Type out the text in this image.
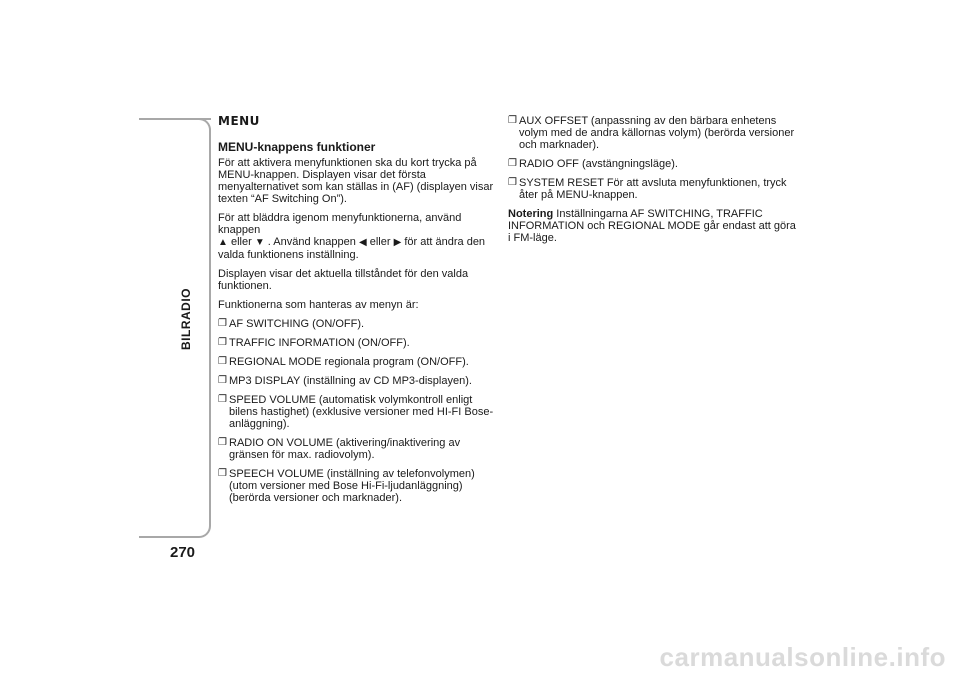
BILRADIO
270
MENU
MENU-knappens funktioner

För att aktivera menyfunktionen ska du kort trycka på MENU-knappen. Displayen visar det första menyalternativet som kan ställas in (AF) (displayen visar texten “AF Switching On”).

För att bläddra igenom menyfunktionerna, använd knappen
▲ eller ▼ . Använd knappen ◀ eller ▶ för att ändra den valda funktionens inställning.

Displayen visar det aktuella tillståndet för den valda funktionen.

Funktionerna som hanteras av menyn är:

❐ AF SWITCHING (ON/OFF).
❐ TRAFFIC INFORMATION (ON/OFF).
❐ REGIONAL MODE regionala program (ON/OFF).
❐ MP3 DISPLAY (inställning av CD MP3-displayen).
❐ SPEED VOLUME (automatisk volymkontroll enligt bilens hastighet) (exklusive versioner med HI-FI Bose-anläggning).
❐ RADIO ON VOLUME (aktivering/inaktivering av gränsen för max. radiovolym).
❐ SPEECH VOLUME (inställning av telefonvolymen) (utom versioner med Bose Hi-Fi-ljudanläggning) (berörda versioner och marknader).
❐ AUX OFFSET (anpassning av den bärbara enhetens volym med de andra källornas volym) (berörda versioner och marknader).
❐ RADIO OFF (avstängningsläge).
❐ SYSTEM RESET För att avsluta menyfunktionen, tryck åter på MENU-knappen.

Notering Inställningarna AF SWITCHING, TRAFFIC INFORMATION och REGIONAL MODE går endast att göra i FM-läge.

carmanualsonline.info
